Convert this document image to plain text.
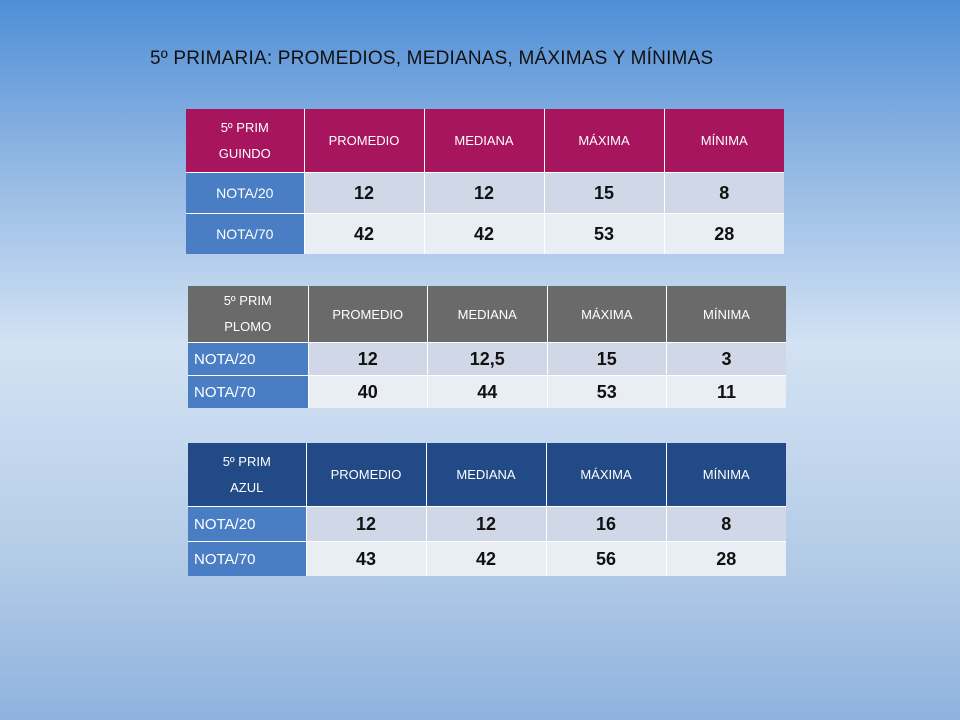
5º PRIMARIA: PROMEDIOS, MEDIANAS, MÁXIMAS Y MÍNIMAS
5º PRIM
GUINDO	PROMEDIO	MEDIANA	MÁXIMA	MÍNIMA
NOTA/20	12	12	15	8
NOTA/70	42	42	53	28
5º PRIM
PLOMO	PROMEDIO	MEDIANA	MÁXIMA	MÍNIMA
NOTA/20	12	12,5	15	3
NOTA/70	40	44	53	11
5º PRIM
AZUL	PROMEDIO	MEDIANA	MÁXIMA	MÍNIMA
NOTA/20	12	12	16	8
NOTA/70	43	42	56	28
